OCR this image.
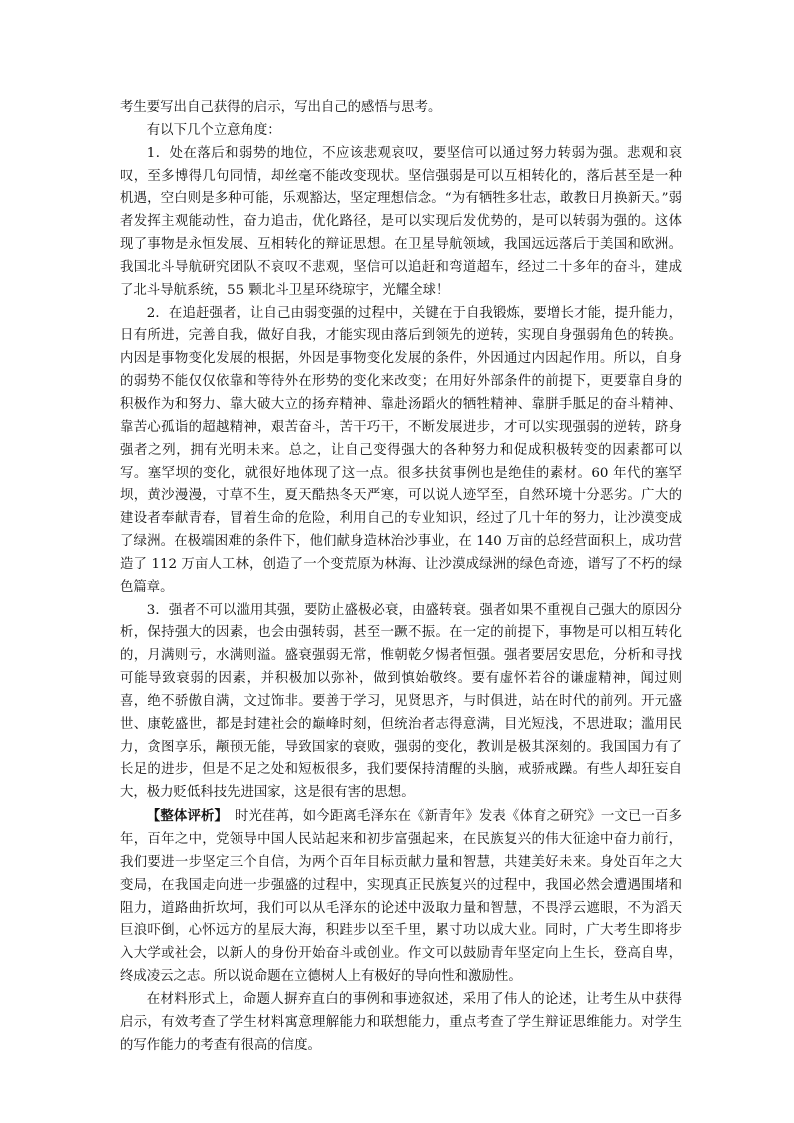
考生要写出自己获得的启示，写出自己的感悟与思考。

有以下几个立意角度：

1．处在落后和弱势的地位，不应该悲观哀叹，要坚信可以通过努力转弱为强。悲观和哀叹，至多博得几句同情，却丝毫不能改变现状。坚信强弱是可以互相转化的，落后甚至是一种机遇，空白则是多种可能，乐观豁达，坚定理想信念。“为有牺牲多壮志，敢教日月换新天。”弱者发挥主观能动性，奋力追击，优化路径，是可以实现后发优势的，是可以转弱为强的。这体现了事物是永恒发展、互相转化的辩证思想。在卫星导航领域，我国远远落后于美国和欧洲。我国北斗导航研究团队不哀叹不悲观，坚信可以追赶和弯道超车，经过二十多年的奋斗，建成了北斗导航系统，55 颗北斗卫星环绕琼宇，光耀全球！

2．在追赶强者，让自己由弱变强的过程中，关键在于自我锻炼，要增长才能，提升能力，日有所进，完善自我，做好自我，才能实现由落后到领先的逆转，实现自身强弱角色的转换。内因是事物变化发展的根据，外因是事物变化发展的条件，外因通过内因起作用。所以，自身的弱势不能仅仅依靠和等待外在形势的变化来改变；在用好外部条件的前提下，更要靠自身的积极作为和努力、靠大破大立的扬弃精神、靠赴汤蹈火的牺牲精神、靠胼手胝足的奋斗精神、靠苦心孤诣的超越精神，艰苦奋斗，苦干巧干，不断发展进步，才可以实现强弱的逆转，跻身强者之列，拥有光明未来。总之，让自己变得强大的各种努力和促成积极转变的因素都可以写。塞罕坝的变化，就很好地体现了这一点。很多扶贫事例也是绝佳的素材。60 年代的塞罕坝，黄沙漫漫，寸草不生，夏天酷热冬天严寒，可以说人迹罕至，自然环境十分恶劣。广大的建设者奉献青春，冒着生命的危险，利用自己的专业知识，经过了几十年的努力，让沙漠变成了绿洲。在极端困难的条件下，他们献身造林治沙事业，在 140 万亩的总经营面积上，成功营造了 112 万亩人工林，创造了一个变荒原为林海、让沙漠成绿洲的绿色奇迹，谱写了不朽的绿色篇章。

3．强者不可以滥用其强，要防止盛极必衰，由盛转衰。强者如果不重视自己强大的原因分析，保持强大的因素，也会由强转弱，甚至一蹶不振。在一定的前提下，事物是可以相互转化的，月满则亏，水满则溢。盛衰强弱无常，惟朝乾夕惕者恒强。强者要居安思危，分析和寻找可能导致衰弱的因素，并积极加以弥补，做到慎始敬终。要有虚怀若谷的谦虚精神，闻过则喜，绝不骄傲自满，文过饰非。要善于学习，见贤思齐，与时俱进，站在时代的前列。开元盛世、康乾盛世，都是封建社会的巅峰时刻，但统治者志得意满，目光短浅，不思进取；滥用民力，贪图享乐，颟顸无能，导致国家的衰败，强弱的变化，教训是极其深刻的。我国国力有了长足的进步，但是不足之处和短板很多，我们要保持清醒的头脑，戒骄戒躁。有些人却狂妄自大，极力贬低科技先进国家，这是很有害的思想。

【整体评析】　时光荏苒，如今距离毛泽东在《新青年》发表《体育之研究》一文已一百多年，百年之中，党领导中国人民站起来和初步富强起来，在民族复兴的伟大征途中奋力前行，我们要进一步坚定三个自信，为两个百年目标贡献力量和智慧，共建美好未来。身处百年之大变局，在我国走向进一步强盛的过程中，实现真正民族复兴的过程中，我国必然会遭遇围堵和阻力，道路曲折坎坷，我们可以从毛泽东的论述中汲取力量和智慧，不畏浮云遮眼，不为滔天巨浪吓倒，心怀远方的星辰大海，积跬步以至千里，累寸功以成大业。同时，广大考生即将步入大学或社会，以新人的身份开始奋斗或创业。作文可以鼓励青年坚定向上生长，登高自卑，终成凌云之志。所以说命题在立德树人上有极好的导向性和激励性。

在材料形式上，命题人摒弃直白的事例和事迹叙述，采用了伟人的论述，让考生从中获得启示，有效考查了学生材料寓意理解能力和联想能力，重点考查了学生辩证思维能力。对学生的写作能力的考查有很高的信度。
